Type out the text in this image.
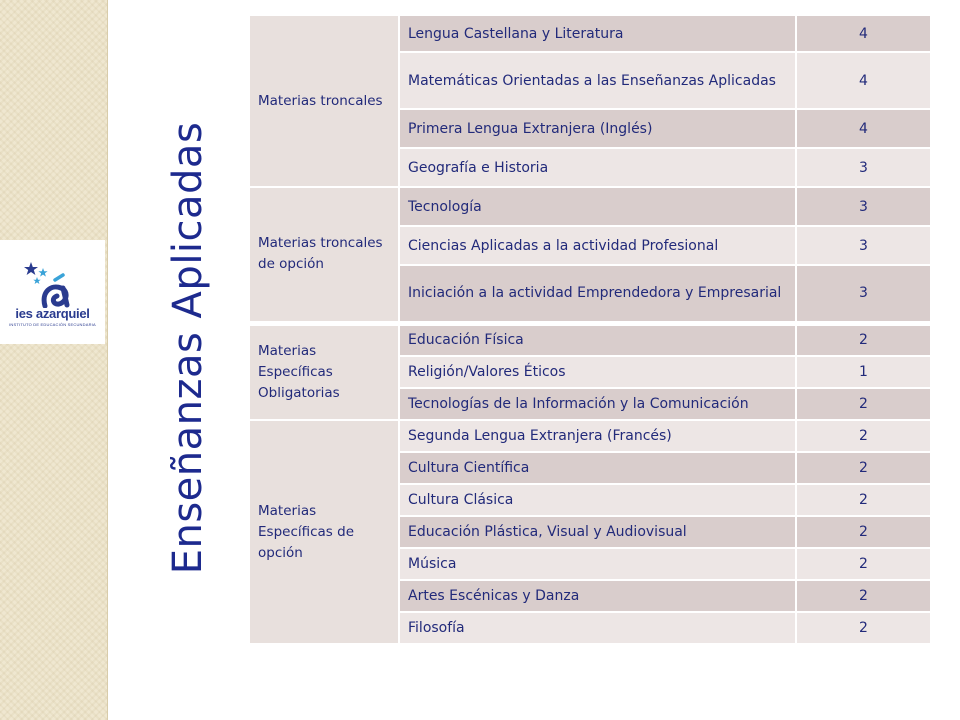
ies azarquiel
INSTITUTO DE EDUCACIÓN SECUNDARIA Enseñanzas Aplicadas
Materias troncales	Lengua Castellana y Literatura	4
	Matemáticas Orientadas a las Enseñanzas Aplicadas	4
	Primera Lengua Extranjera (Inglés)	4
	Geografía e Historia	3
Materias troncales de opción	Tecnología	3
	Ciencias Aplicadas a la actividad Profesional	3
	Iniciación a la actividad Emprendedora y Empresarial	3
Materias Específicas Obligatorias	Educación Física	2
	Religión/Valores Éticos	1
	Tecnologías de la Información y la Comunicación	2
Materias Específicas de opción	Segunda Lengua Extranjera (Francés)	2
	Cultura Científica	2
	Cultura Clásica	2
	Educación Plástica, Visual y Audiovisual	2
	Música	2
	Artes Escénicas y Danza	2
	Filosofía	2
